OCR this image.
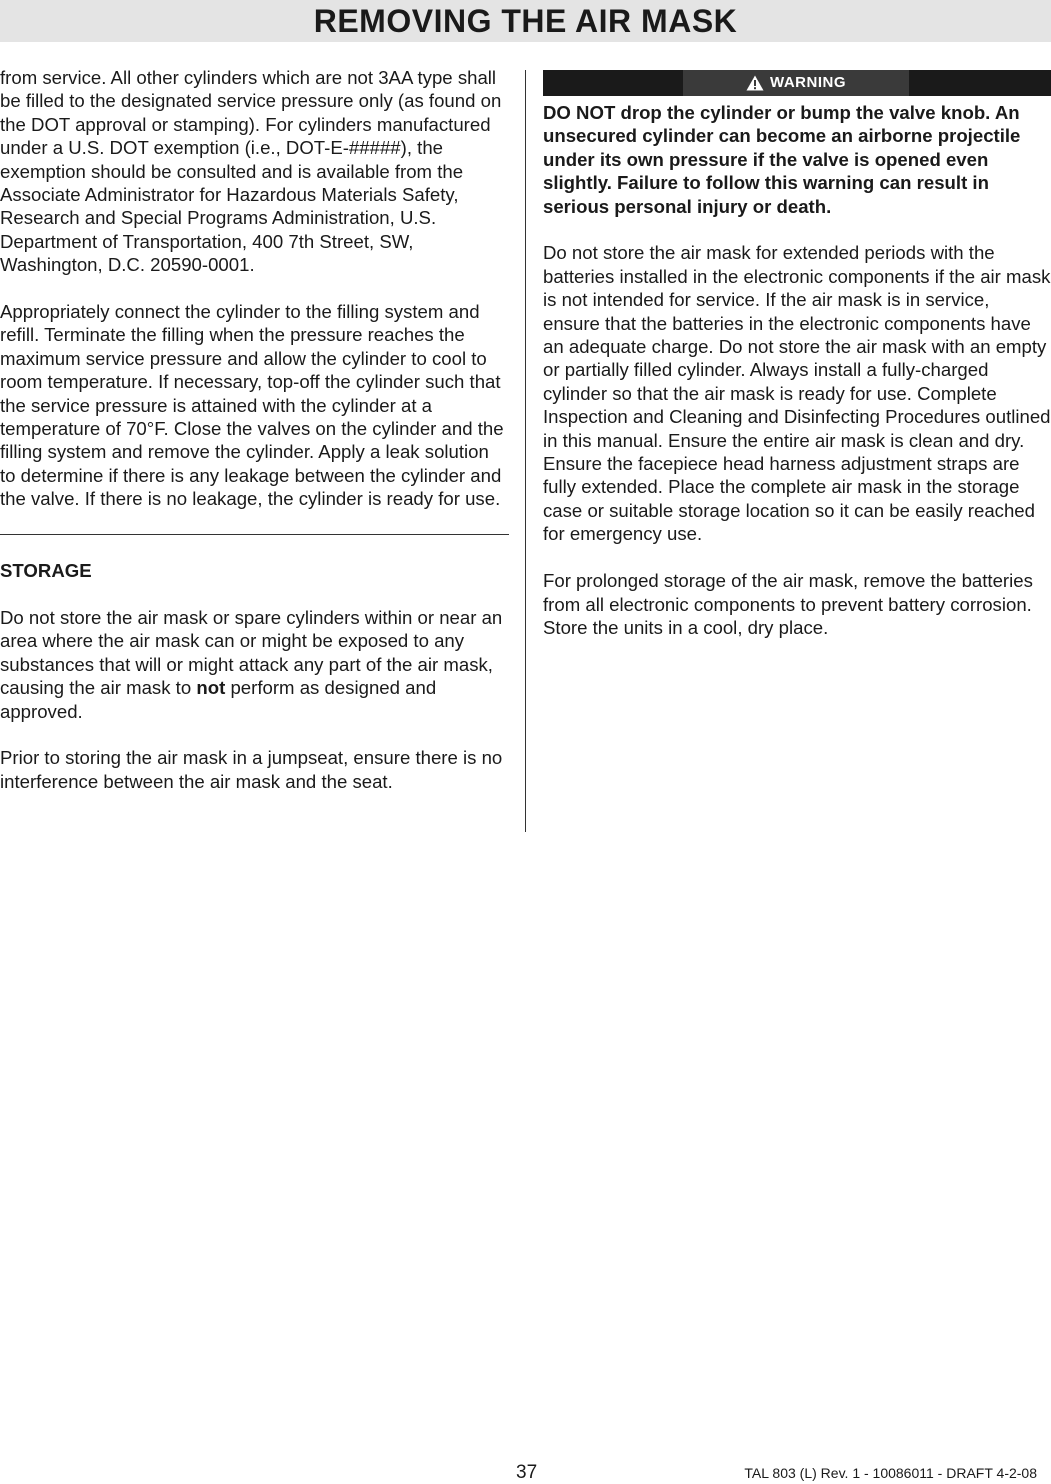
REMOVING THE AIR MASK

from service. All other cylinders which are not 3AA type shall be filled to the designated service pressure only (as found on the DOT approval or stamping). For cylinders manufactured under a U.S. DOT exemption (i.e., DOT-E-#####), the exemption should be consulted and is available from the Associate Administrator for Hazardous Materials Safety, Research and Special Programs Administration, U.S. Department of Transportation, 400 7th Street, SW, Washington, D.C. 20590-0001.

Appropriately connect the cylinder to the filling system and refill. Terminate the filling when the pressure reaches the maximum service pressure and allow the cylinder to cool to room temperature. If necessary, top-off the cylinder such that the service pressure is attained with the cylinder at a temperature of 70°F. Close the valves on the cylinder and the filling system and remove the cylinder. Apply a leak solution to determine if there is any leakage between the cylinder and the valve. If there is no leakage, the cylinder is ready for use.

STORAGE

Do not store the air mask or spare cylinders within or near an area where the air mask can or might be exposed to any substances that will or might attack any part of the air mask, causing the air mask to not perform as designed and approved.

Prior to storing the air mask in a jumpseat, ensure there is no interference between the air mask and the seat.

WARNING

DO NOT drop the cylinder or bump the valve knob. An unsecured cylinder can become an airborne projectile under its own pressure if the valve is opened even slightly. Failure to follow this warning can result in serious personal injury or death.

Do not store the air mask for extended periods with the batteries installed in the electronic components if the air mask is not intended for service. If the air mask is in service, ensure that the batteries in the electronic components have an adequate charge. Do not store the air mask with an empty or partially filled cylinder. Always install a fully-charged cylinder so that the air mask is ready for use. Complete Inspection and Cleaning and Disinfecting Procedures outlined in this manual. Ensure the entire air mask is clean and dry. Ensure the facepiece head harness adjustment straps are fully extended. Place the complete air mask in the storage case or suitable storage location so it can be easily reached for emergency use.

For prolonged storage of the air mask, remove the batteries from all electronic components to prevent battery corrosion. Store the units in a cool, dry place.

37	TAL 803 (L) Rev. 1 - 10086011 - DRAFT 4-2-08
